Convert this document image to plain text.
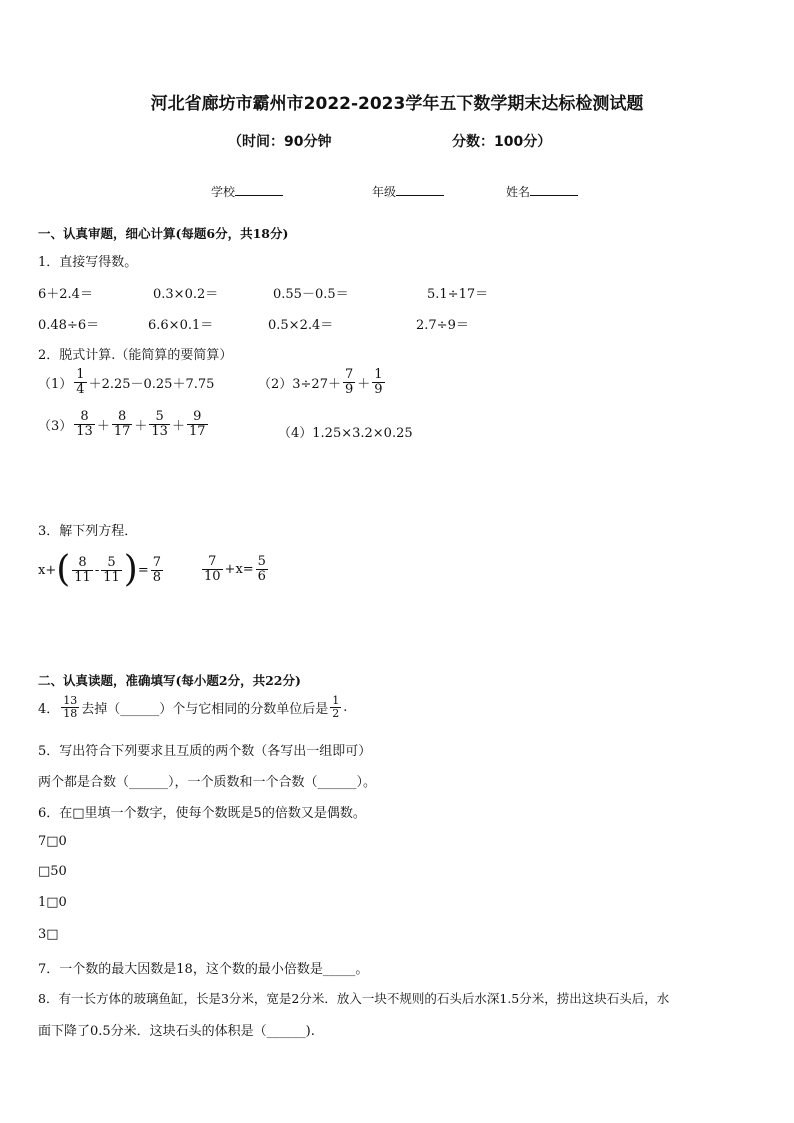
河北省廊坊市霸州市2022-2023学年五下数学期末达标检测试题
（时间：90分钟	分数：100分）
学校	年级	姓名
一、认真审题，细心计算(每题6分，共18分)
1．直接写得数。
6＋2.4＝	0.3×0.2＝	0.55－0.5＝	5.1÷17＝
0.48÷6＝	6.6×0.1＝	0.5×2.4＝	2.7÷9＝
2．脱式计算.（能简算的要简算）
$(1) \frac{1}{4} +2.25-0.25+7.75$	$(2)3\div 27+ \frac{7}{9} + \frac{1}{9}$
$(3) \frac{8}{13} + \frac{8}{17} + \frac{5}{13} + \frac{9}{17}$	（4）1.25×3.2×0.25
3．解下列方程．
x+ ( $\frac{8}{11} - \frac{5}{11}$ ) = $\frac{7}{8}$	$\frac{7}{10} +x= \frac{5}{6}$
二、认真读题，准确填写(每小题2分，共22分)
4． $\frac{13}{18}$ 去掉（______）个与它相同的分数单位后是 $\frac{1}{2}$ .
5．写出符合下列要求且互质的两个数（各写出一组即可）
两个都是合数（______），一个质数和一个合数（______）。
6．在□里填一个数字，使每个数既是5的倍数又是偶数。
7□0
□50
1□0
3□
7．一个数的最大因数是18，这个数的最小倍数是_____。
8．有一长方体的玻璃鱼缸，长是3分米，宽是2分米．放入一块不规则的石头后水深1.5分米，捞出这块石头后，水
面下降了0.5分米．这块石头的体积是（______).
